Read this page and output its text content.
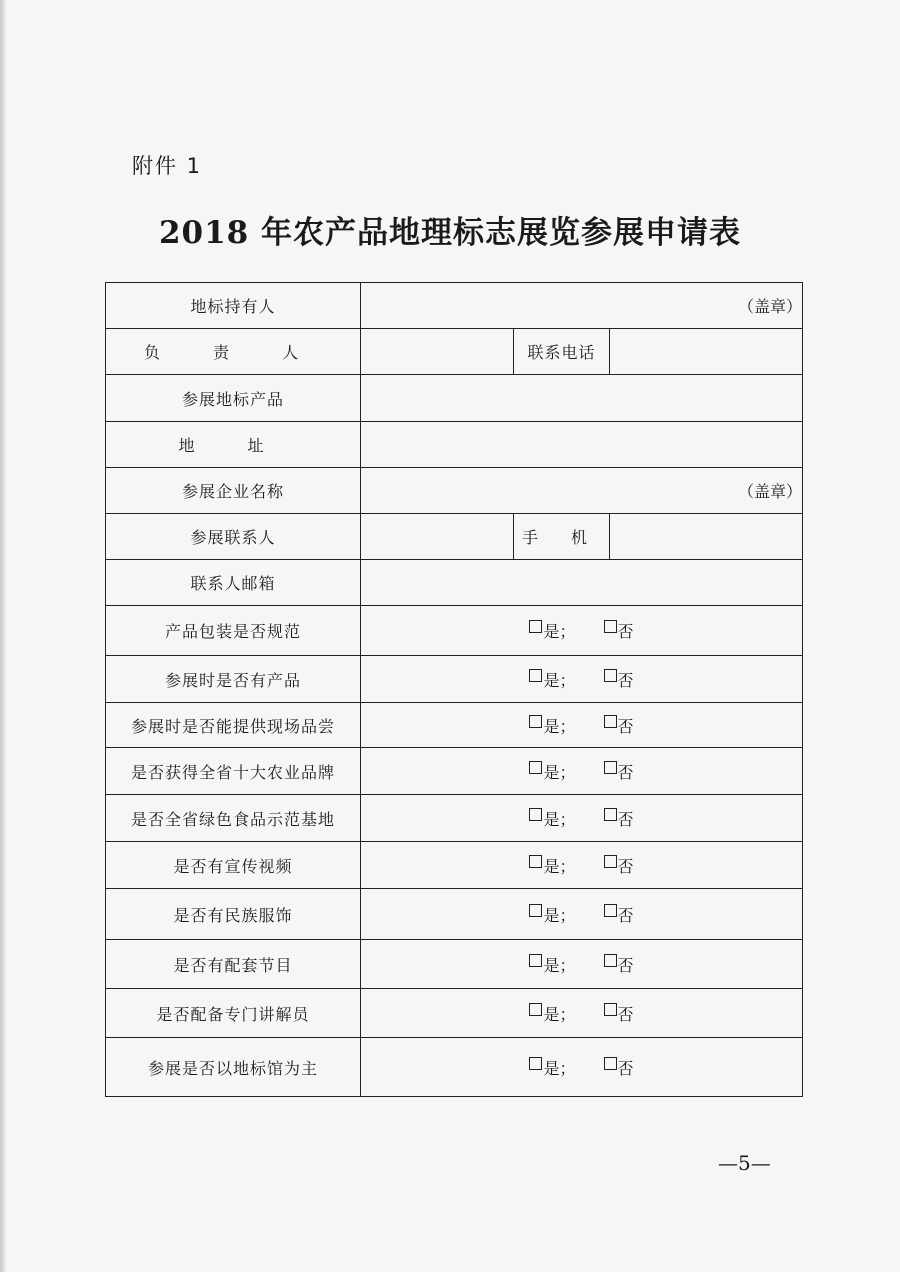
附件 1
2018 年农产品地理标志展览参展申请表
地标持有人	（盖章）		
负 责 人		联系电话	
参展地标产品			
地 址			
参展企业名称	（盖章）		
参展联系人		手 机	
联系人邮箱			
产品包装是否规范	是； 否		

参展时是否有产品	是； 否		

参展时是否能提供现场品尝	是； 否		

是否获得全省十大农业品牌	是； 否		

是否全省绿色食品示范基地	是； 否		

是否有宣传视频	是； 否		

是否有民族服饰	是； 否		

是否有配套节目	是； 否		

是否配备专门讲解员	是； 否		

参展是否以地标馆为主	是； 否		
—5—
